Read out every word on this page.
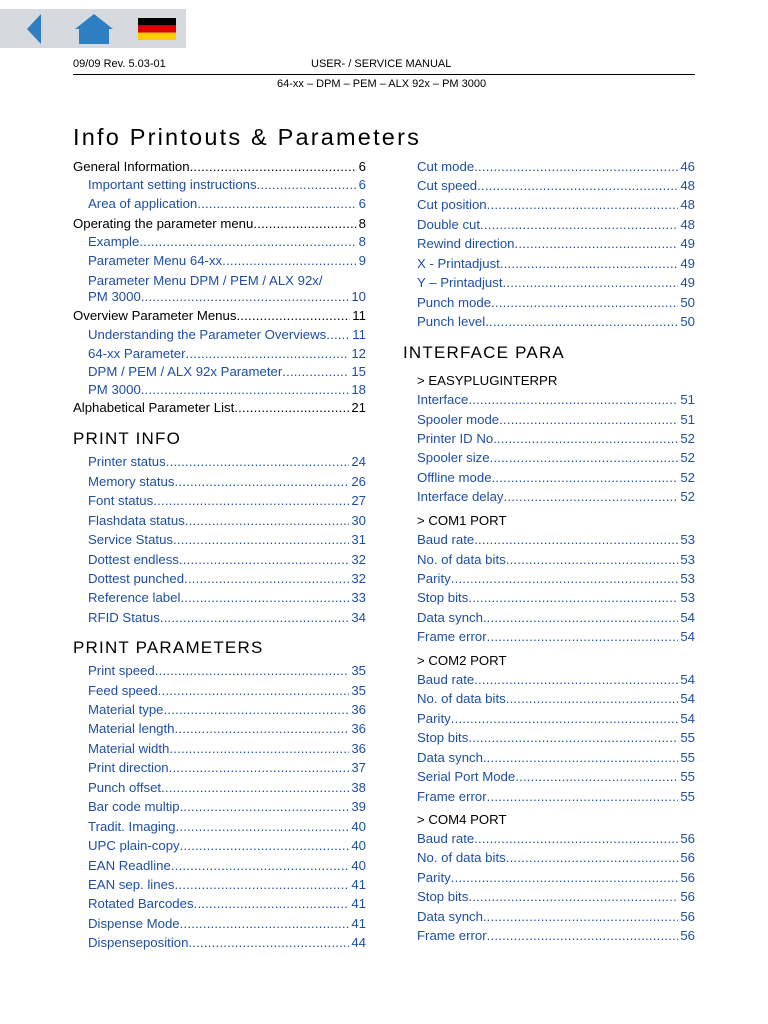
09/09 Rev. 5.03-01	USER- / SERVICE MANUAL
64-xx – DPM – PEM – ALX 92x – PM 3000
Info Printouts & Parameters
General Information .....	6
Important setting instructions .....	6
Area of application .....	6
Operating the parameter menu .....	8
Example .....	8
Parameter Menu 64-xx .....	9
Parameter Menu DPM / PEM / ALX 92x/
PM 3000 .....	10
Overview Parameter Menus .....	11
Understanding the Parameter Overviews ..... 11
64-xx Parameter .....	12
DPM / PEM / ALX 92x Parameter .....	15
PM 3000 .....	18
Alphabetical Parameter List .....	21
PRINT INFO
Printer status .....	24
Memory status .....	26
Font status .....	27
Flashdata status .....	30
Service Status .....	31
Dottest endless .....	32
Dottest punched .....	32
Reference label .....	33
RFID Status .....	34
PRINT PARAMETERS
Print speed .....	35
Feed speed .....	35
Material type .....	36
Material length .....	36
Material width .....	36
Print direction .....	37
Punch offset .....	38
Bar code multip. .....	39
Tradit. Imaging .....	40
UPC plain-copy .....	40
EAN Readline .....	40
EAN sep. lines .....	41
Rotated Barcodes .....	41
Dispense Mode .....	41
Dispenseposition .....	44
Cut mode .....	46
Cut speed .....	48
Cut position .....	48
Double cut .....	48
Rewind direction .....	49
X - Printadjust .....	49
Y – Printadjust .....	49
Punch mode .....	50
Punch level .....	50
INTERFACE PARA
> EASYPLUGINTERPR
Interface .....	51
Spooler mode .....	51
Printer ID No. .....	52
Spooler size .....	52
Offline mode .....	52
Interface delay .....	52
> COM1 PORT
Baud rate .....	53
No. of data bits .....	53
Parity .....	53
Stop bits .....	53
Data synch. .....	54
Frame error .....	54
> COM2 PORT
Baud rate .....	54
No. of data bits .....	54
Parity .....	54
Stop bits .....	55
Data synch. .....	55
Serial Port Mode .....	55
Frame error .....	55
> COM4 PORT
Baud rate .....	56
No. of data bits .....	56
Parity .....	56
Stop bits .....	56
Data synch. .....	56
Frame error .....	56
